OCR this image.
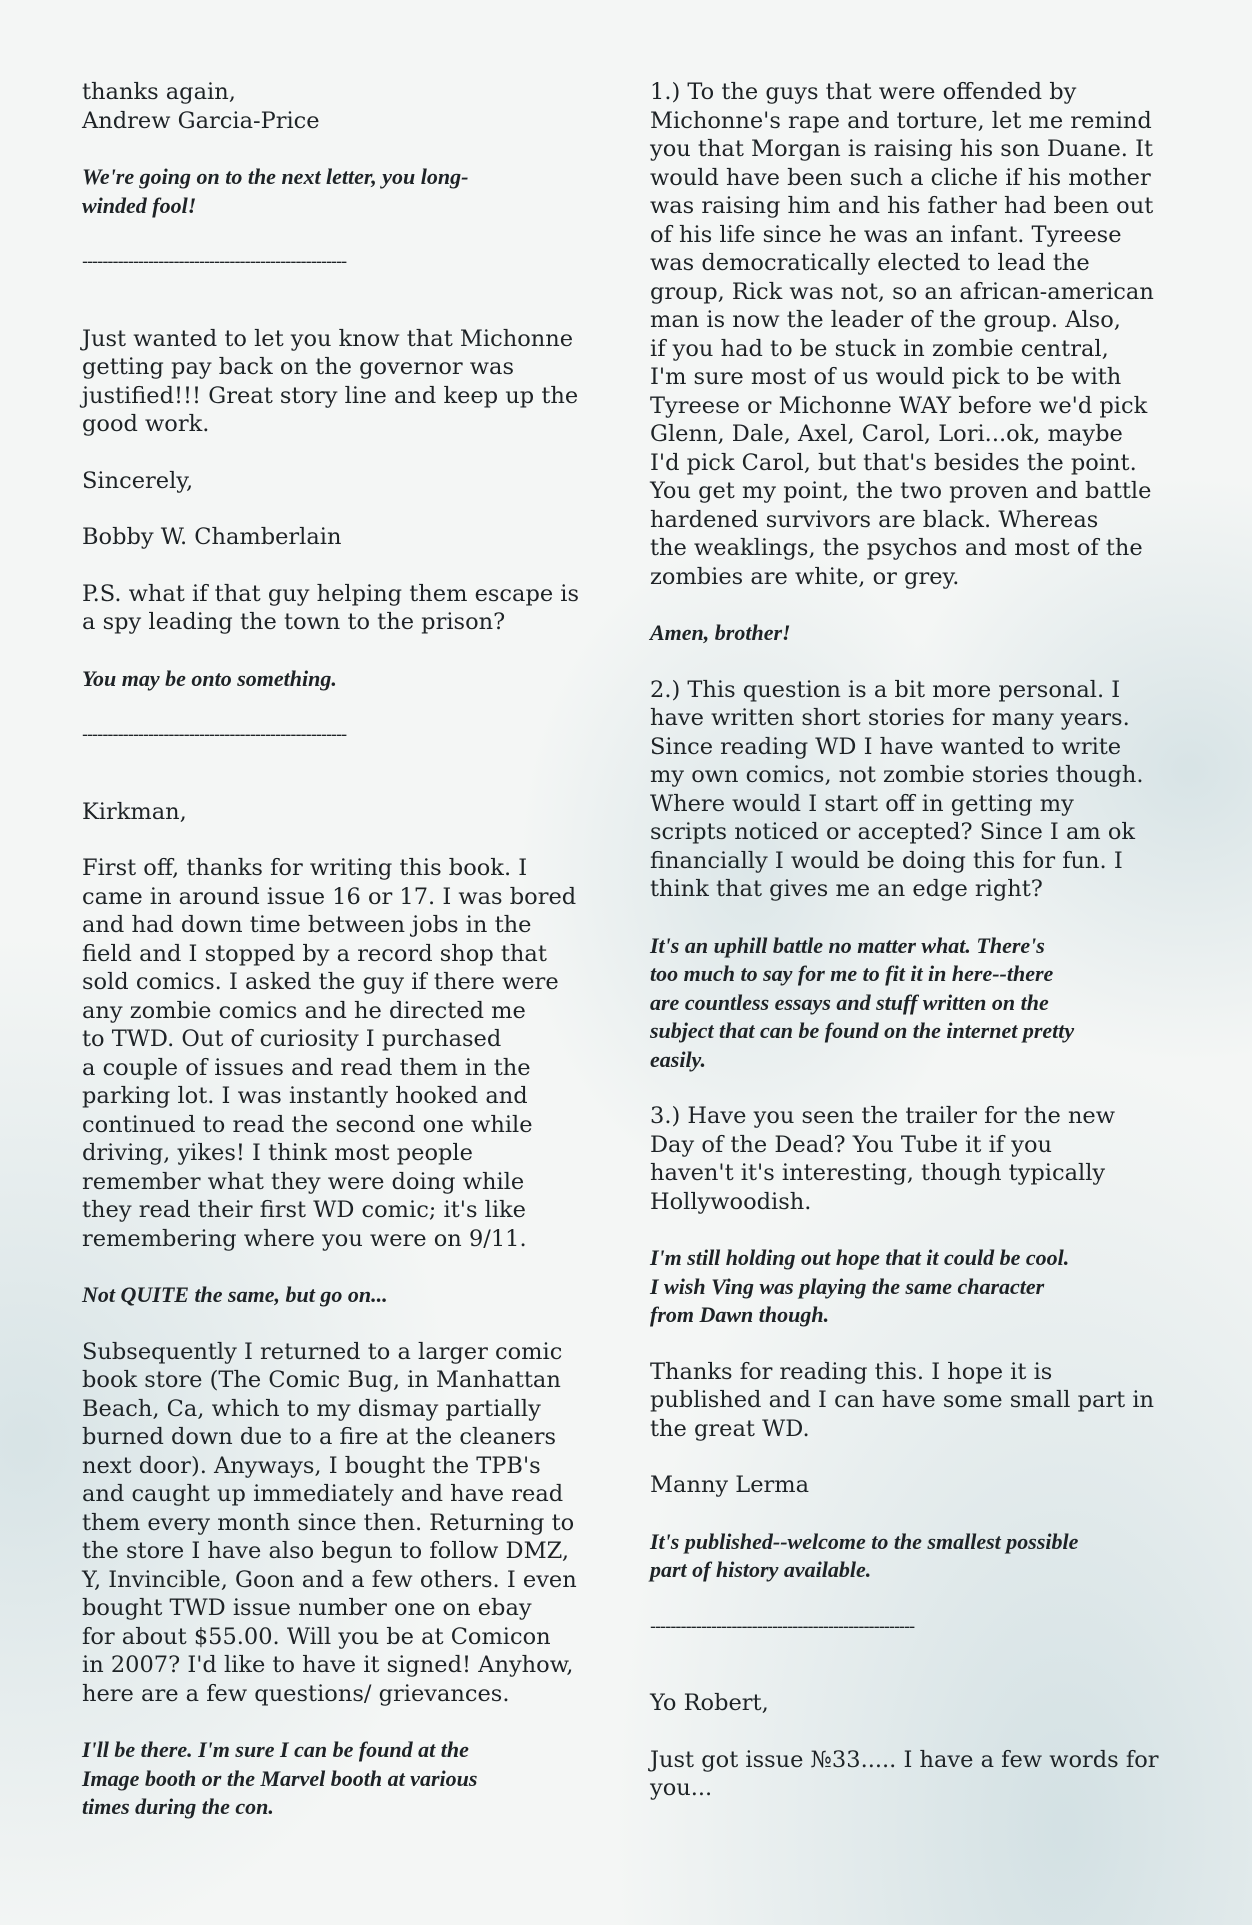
thanks again,
Andrew Garcia-Price

We're going on to the next letter, you long-
winded fool!

----------------------------------------------------

Just wanted to let you know that Michonne
getting pay back on the governor was
justified!!! Great story line and keep up the
good work.

Sincerely,

Bobby W. Chamberlain

P.S. what if that guy helping them escape is
a spy leading the town to the prison?

You may be onto something.

----------------------------------------------------

Kirkman,

First off, thanks for writing this book. I
came in around issue 16 or 17. I was bored
and had down time between jobs in the
field and I stopped by a record shop that
sold comics. I asked the guy if there were
any zombie comics and he directed me
to TWD. Out of curiosity I purchased
a couple of issues and read them in the
parking lot. I was instantly hooked and
continued to read the second one while
driving, yikes! I think most people
remember what they were doing while
they read their first WD comic; it's like
remembering where you were on 9/11.

Not QUITE the same, but go on...

Subsequently I returned to a larger comic
book store (The Comic Bug, in Manhattan
Beach, Ca, which to my dismay partially
burned down due to a fire at the cleaners
next door). Anyways, I bought the TPB's
and caught up immediately and have read
them every month since then. Returning to
the store I have also begun to follow DMZ,
Y, Invincible, Goon and a few others. I even
bought TWD issue number one on ebay
for about $55.00. Will you be at Comicon
in 2007? I'd like to have it signed! Anyhow,
here are a few questions/ grievances.

I'll be there. I'm sure I can be found at the
Image booth or the Marvel booth at various
times during the con.

1.) To the guys that were offended by
Michonne's rape and torture, let me remind
you that Morgan is raising his son Duane. It
would have been such a cliche if his mother
was raising him and his father had been out
of his life since he was an infant. Tyreese
was democratically elected to lead the
group, Rick was not, so an african-american
man is now the leader of the group. Also,
if you had to be stuck in zombie central,
I'm sure most of us would pick to be with
Tyreese or Michonne WAY before we'd pick
Glenn, Dale, Axel, Carol, Lori...ok, maybe
I'd pick Carol, but that's besides the point.
You get my point, the two proven and battle
hardened survivors are black. Whereas
the weaklings, the psychos and most of the
zombies are white, or grey.

Amen, brother!

2.) This question is a bit more personal. I
have written short stories for many years.
Since reading WD I have wanted to write
my own comics, not zombie stories though.
Where would I start off in getting my
scripts noticed or accepted? Since I am ok
financially I would be doing this for fun. I
think that gives me an edge right?

It's an uphill battle no matter what. There's
too much to say for me to fit it in here--there
are countless essays and stuff written on the
subject that can be found on the internet pretty
easily.

3.) Have you seen the trailer for the new
Day of the Dead? You Tube it if you
haven't it's interesting, though typically
Hollywoodish.

I'm still holding out hope that it could be cool.
I wish Ving was playing the same character
from Dawn though.

Thanks for reading this. I hope it is
published and I can have some small part in
the great WD.

Manny Lerma

It's published--welcome to the smallest possible
part of history available.

----------------------------------------------------

Yo Robert,

Just got issue №33..... I have a few words for
you...
